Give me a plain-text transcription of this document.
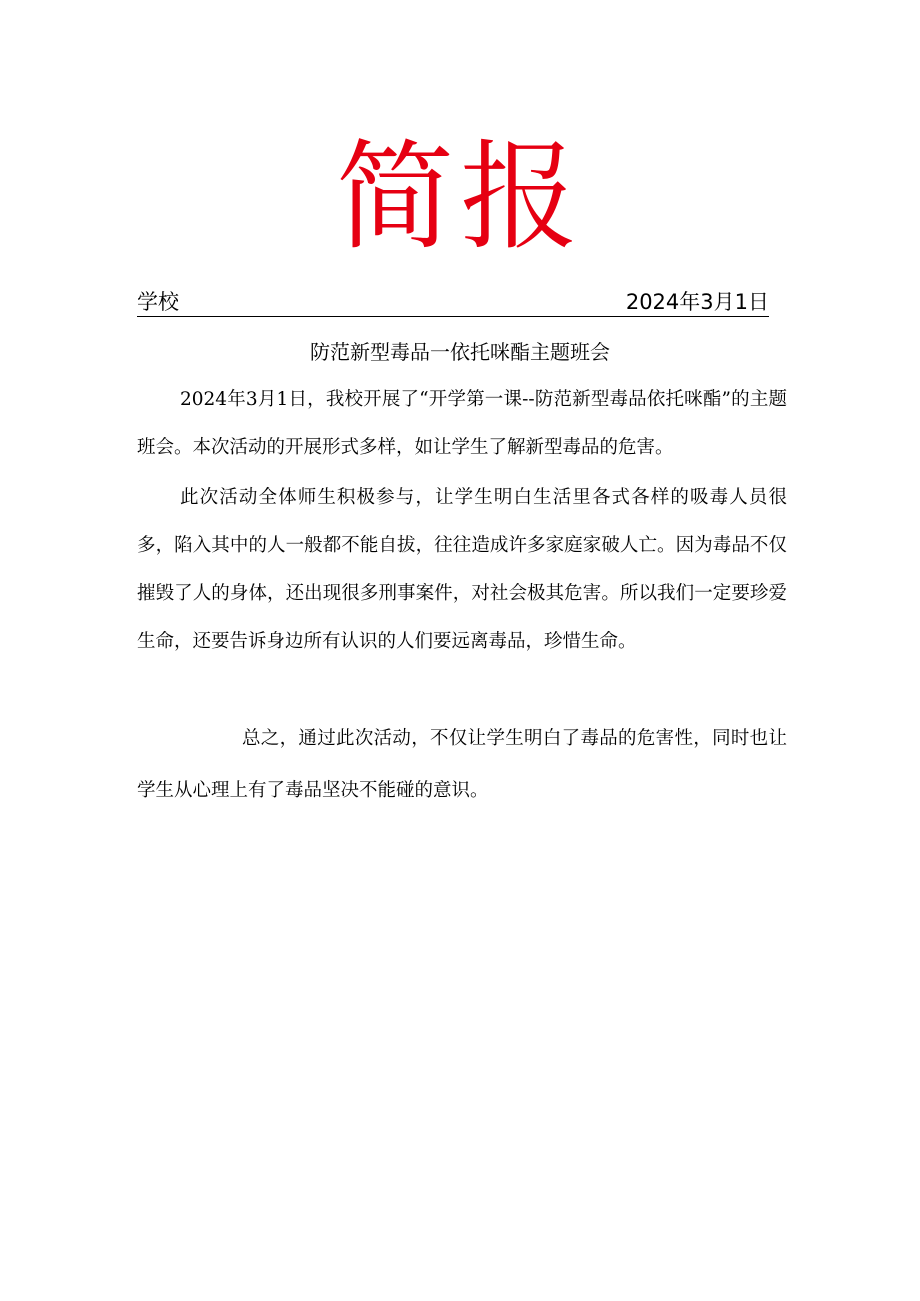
简报
学校	2024年3月1日
防范新型毒品一依托咪酯主题班会

2024年3月1日，我校开展了“开学第一课--防范新型毒品依托咪酯”的主题班会。本次活动的开展形式多样，如让学生了解新型毒品的危害。

此次活动全体师生积极参与，让学生明白生活里各式各样的吸毒人员很多，陷入其中的人一般都不能自拔，往往造成许多家庭家破人亡。因为毒品不仅摧毁了人的身体，还出现很多刑事案件，对社会极其危害。所以我们一定要珍爱生命，还要告诉身边所有认识的人们要远离毒品，珍惜生命。

总之，通过此次活动，不仅让学生明白了毒品的危害性，同时也让学生从心理上有了毒品坚决不能碰的意识。
